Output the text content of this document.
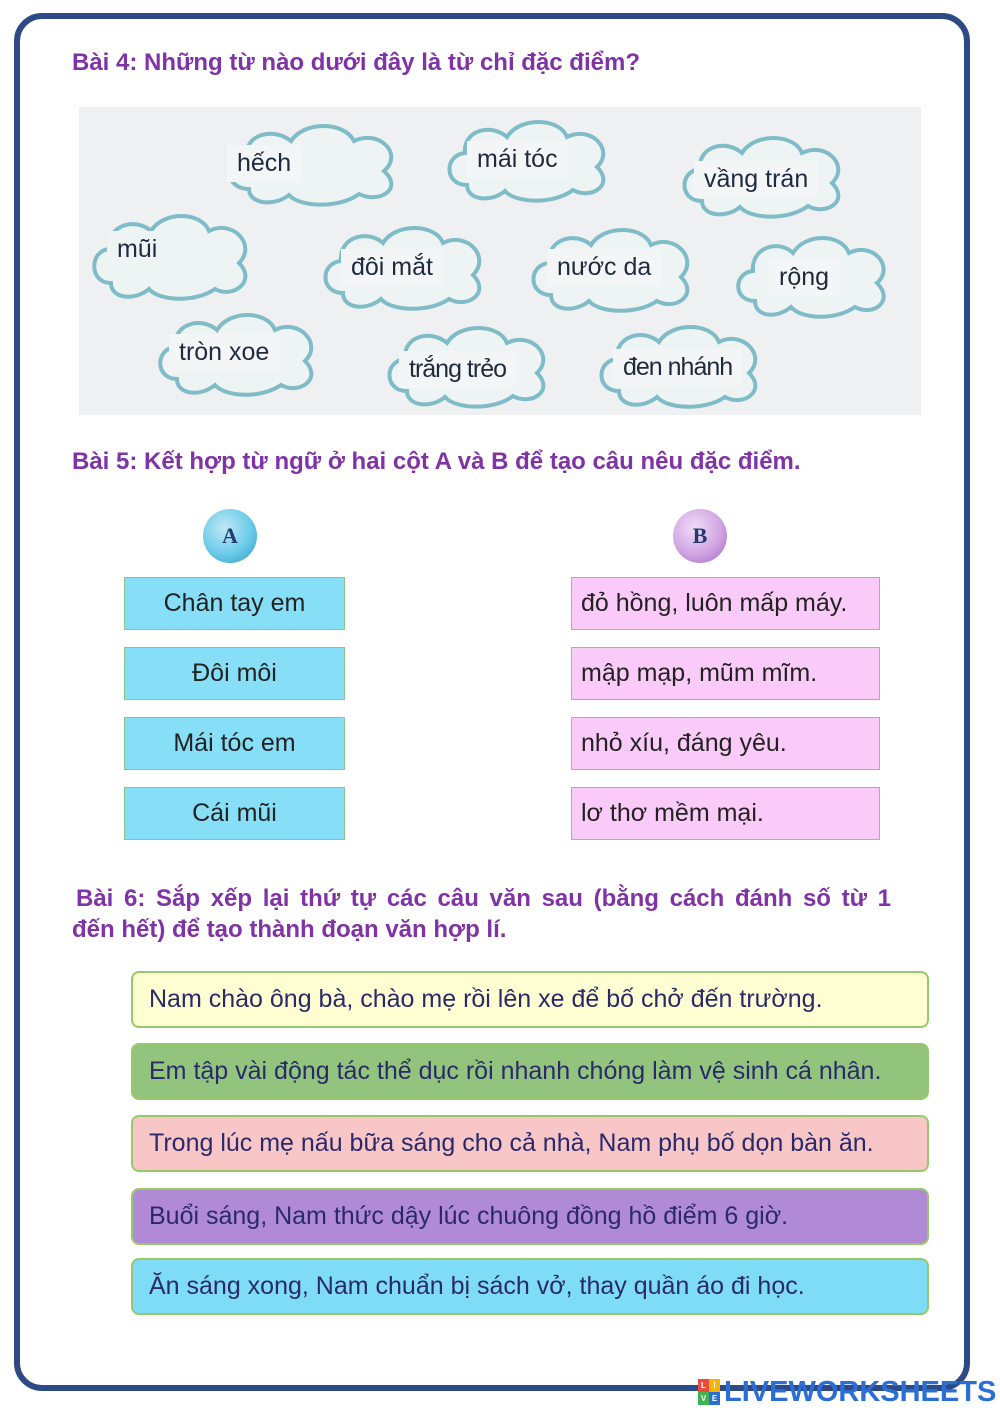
Bài 4: Những từ nào dưới đây là từ chỉ đặc điểm?
hếch	mái tóc
vầng trán
mũi
đôi mắt	nước da	rộng
tròn xoe
trắng trẻo	đen nhánh
Bài 5: Kết hợp từ ngữ ở hai cột A và B để tạo câu nêu đặc điểm.
A	B
Chân tay em
Đôi môi
Mái tóc em
Cái mũi
đỏ hồng, luôn mấp máy.
mập mạp, mũm mĩm.
nhỏ xíu, đáng yêu.
lơ thơ mềm mại.
Bài 6: Sắp xếp lại thứ tự các câu văn sau (bằng cách đánh số từ 1
đến hết) để tạo thành đoạn văn hợp lí.
Nam chào ông bà, chào mẹ rồi lên xe để bố chở đến trường.
Em tập vài động tác thể dục rồi nhanh chóng làm vệ sinh cá nhân.
Trong lúc mẹ nấu bữa sáng cho cả nhà, Nam phụ bố dọn bàn ăn.
Buổi sáng, Nam thức dậy lúc chuông đồng hồ điểm 6 giờ.
Ăn sáng xong, Nam chuẩn bị sách vở, thay quần áo đi học.
L I
V E LIVEWORKSHEETS
